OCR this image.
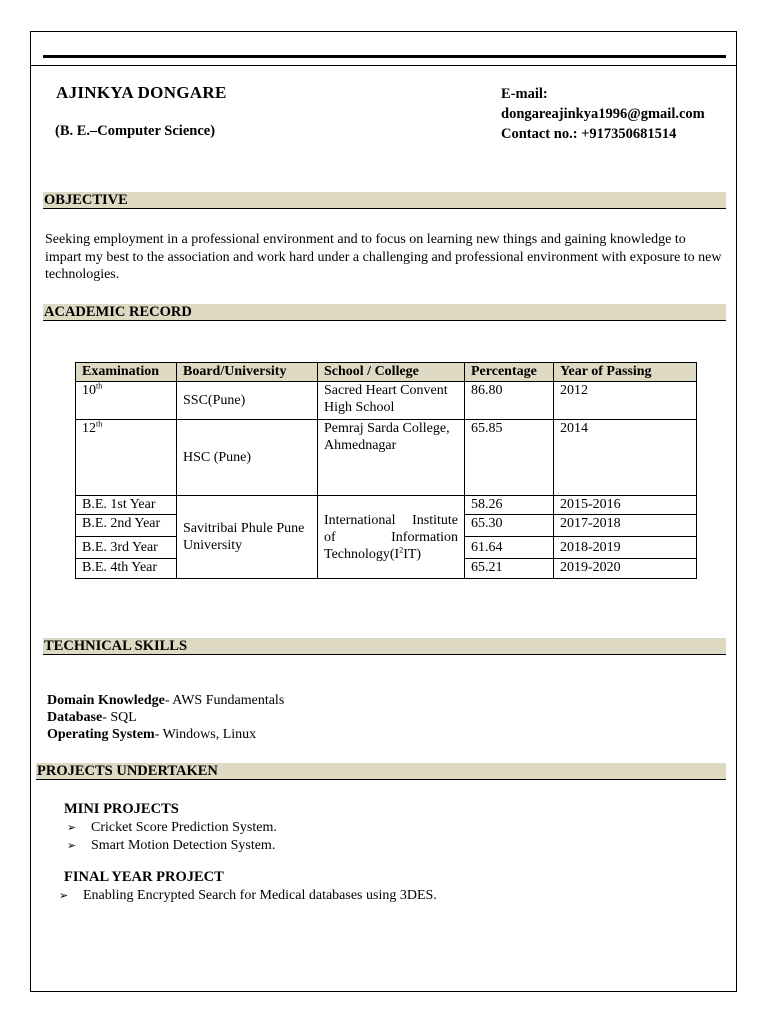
AJINKYA DONGARE
(B. E.–Computer Science)
E-mail:
dongareajinkya1996@gmail.com
Contact no.: +917350681514
OBJECTIVE
Seeking employment in a professional environment and to focus on learning new things and gaining knowledge to impart my best to the association and work hard under a challenging and professional environment with exposure to new technologies.
ACADEMIC RECORD
Examination	Board/University	School / College	Percentage	Year of Passing
10th	SSC(Pune)	Sacred Heart Convent High School	86.80	2012
12th	HSC (Pune)	Pemraj Sarda College, Ahmednagar	65.85	2014
B.E. 1st Year	Savitribai Phule Pune University	International Institute of Information $Technology(I^2IT)$	58.26	2015-2016
B.E. 2nd Year			65.30	2017-2018
B.E. 3rd Year			61.64	2018-2019
B.E. 4th Year			65.21	2019-2020
TECHNICAL SKILLS
Domain Knowledge- AWS Fundamentals
Database- SQL
Operating System- Windows, Linux
PROJECTS UNDERTAKEN
MINI PROJECTS
➢ Cricket Score Prediction System.
➢ Smart Motion Detection System.
FINAL YEAR PROJECT
➢ Enabling Encrypted Search for Medical databases using 3DES.
